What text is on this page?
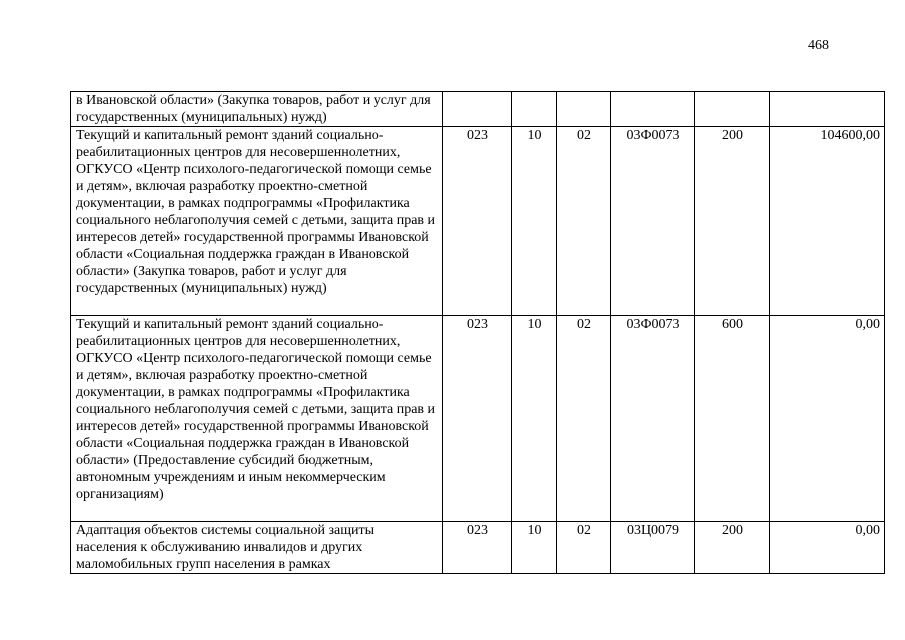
468
в Ивановской области» (Закупка товаров, работ и услуг для государственных (муниципальных) нужд)						
Текущий и капитальный ремонт зданий социально-реабилитационных центров для несовершеннолетних, ОГКУСО «Центр психолого-педагогической помощи семье и детям», включая разработку проектно-сметной документации, в рамках подпрограммы «Профилактика социального неблагополучия семей с детьми, защита прав и интересов детей» государственной программы Ивановской области «Социальная поддержка граждан в Ивановской области» (Закупка товаров, работ и услуг для государственных (муниципальных) нужд)	023	10	02	03Ф0073	200	104600,00
Текущий и капитальный ремонт зданий социально-реабилитационных центров для несовершеннолетних, ОГКУСО «Центр психолого-педагогической помощи семье и детям», включая разработку проектно-сметной документации, в рамках подпрограммы «Профилактика социального неблагополучия семей с детьми, защита прав и интересов детей» государственной программы Ивановской области «Социальная поддержка граждан в Ивановской области» (Предоставление субсидий бюджетным, автономным учреждениям и иным некоммерческим организациям)	023	10	02	03Ф0073	600	0,00
Адаптация объектов системы социальной защиты населения к обслуживанию инвалидов и других маломобильных групп населения в рамках	023	10	02	03Ц0079	200	0,00
